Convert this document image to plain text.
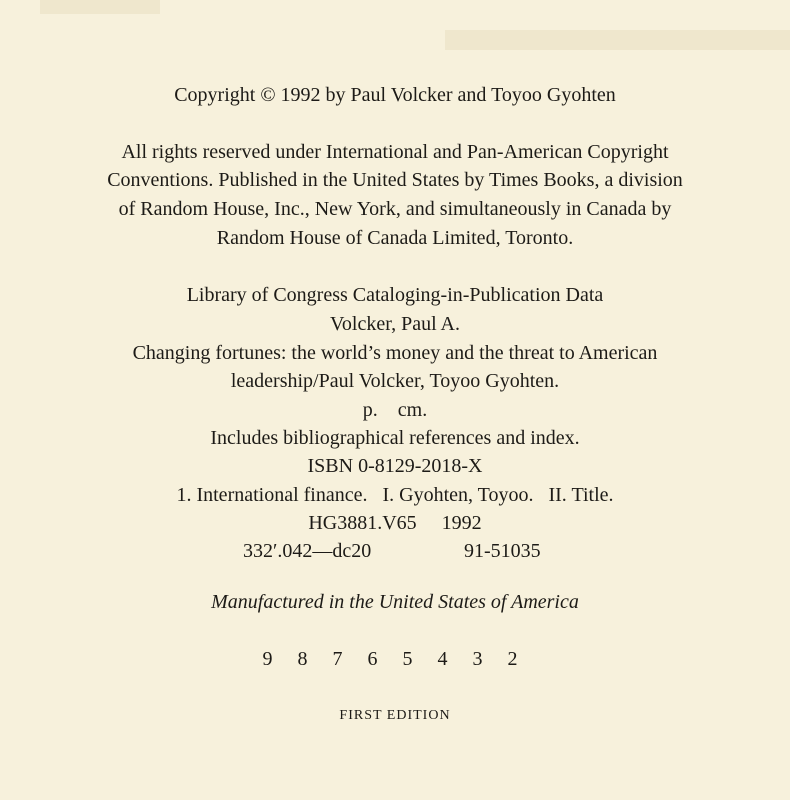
Copyright © 1992 by Paul Volcker and Toyoo Gyohten
All rights reserved under International and Pan-American Copyright
Conventions. Published in the United States by Times Books, a division
of Random House, Inc., New York, and simultaneously in Canada by
Random House of Canada Limited, Toronto.
Library of Congress Cataloging-in-Publication Data
Volcker, Paul A.
Changing fortunes: the world’s money and the threat to American
leadership/Paul Volcker, Toyoo Gyohten.
p.    cm.
Includes bibliographical references and index.
ISBN 0-8129-2018-X
1. International finance.   I. Gyohten, Toyoo.   II. Title.
HG3881.V65     1992
332′.042—dc20	91-51035
Manufactured in the United States of America
9 8 7 6 5 4 3 2
FIRST EDITION
